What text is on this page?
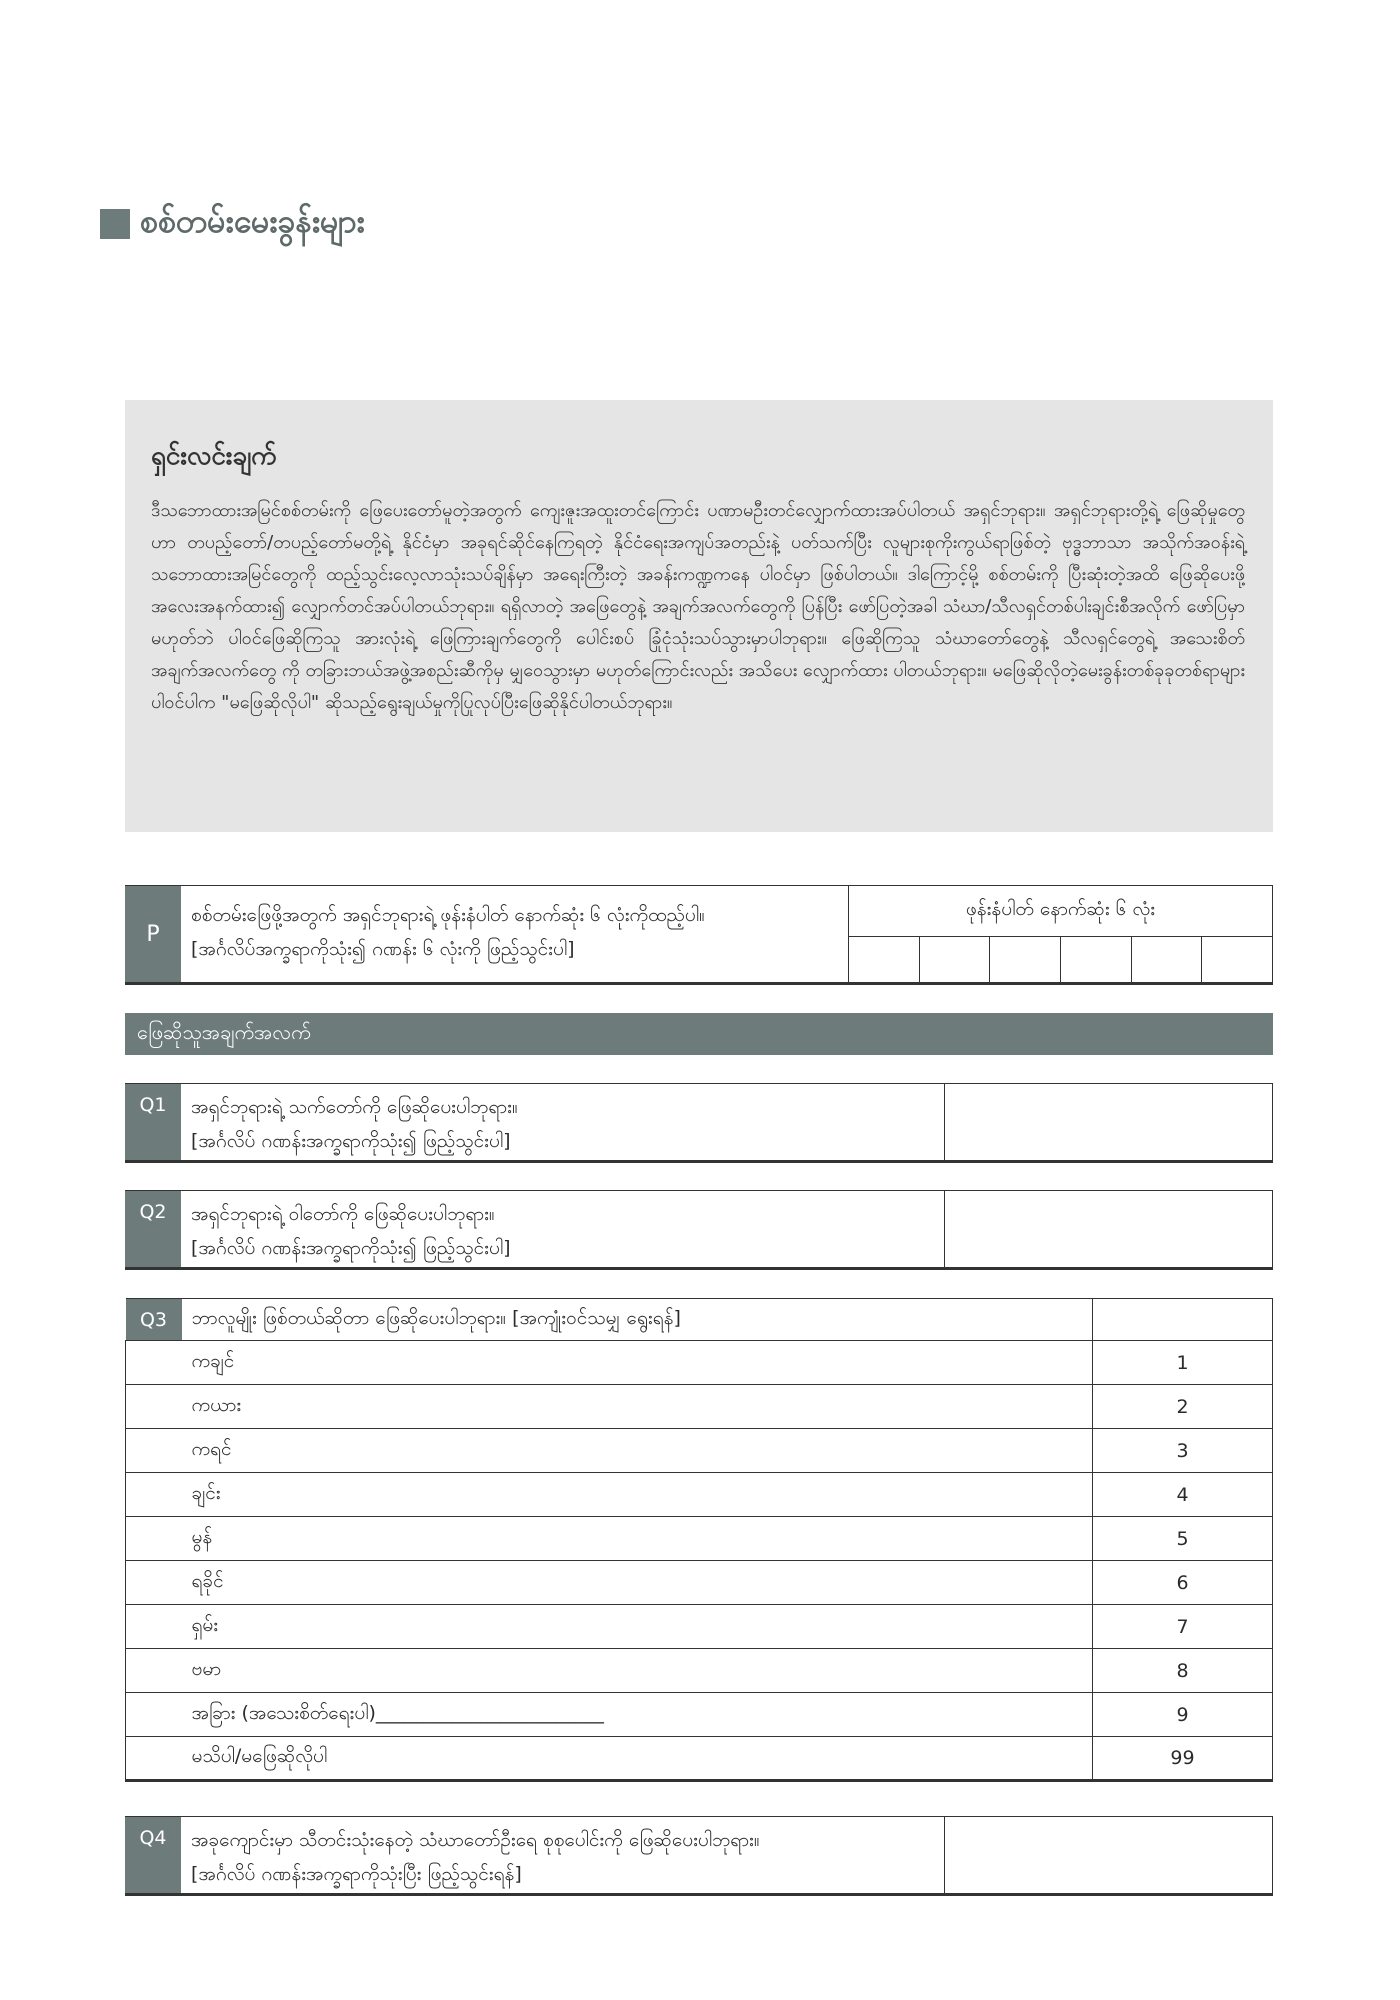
စစ်တမ်းမေးခွန်းများ
ရှင်းလင်းချက်
ဒီသဘောထားအမြင်စစ်တမ်းကို ဖြေပေးတော်မူတဲ့အတွက် ကျေးဇူးအထူးတင်ကြောင်း ပဏာမဦးတင်လျှောက်ထားအပ်ပါတယ် အရှင်ဘုရား။ အရှင်ဘုရားတို့ရဲ့ ဖြေဆိုမှုတွေဟာ တပည့်တော်/တပည့်တော်မတို့ရဲ့ နိုင်ငံမှာ အခုရင်ဆိုင်နေကြရတဲ့ နိုင်ငံရေးအကျပ်အတည်းနဲ့ ပတ်သက်ပြီး လူများစုကိုးကွယ်ရာဖြစ်တဲ့ ဗုဒ္ဓဘာသာ အသိုက်အဝန်းရဲ့ သဘောထားအမြင်တွေကို ထည့်သွင်းလေ့လာသုံးသပ်ချိန်မှာ အရေးကြီးတဲ့ အခန်းကဏ္ဍကနေ ပါဝင်မှာ ဖြစ်ပါတယ်။ ဒါကြောင့်မို့ စစ်တမ်းကို ပြီးဆုံးတဲ့အထိ ဖြေဆိုပေးဖို့ အလေးအနက်ထား၍ လျှောက်တင်အပ်ပါတယ်ဘုရား။ ရရှိလာတဲ့ အဖြေတွေနဲ့ အချက်အလက်တွေကို ပြန်ပြီး ဖော်ပြတဲ့အခါ သံဃာ/သီလရှင်တစ်ပါးချင်းစီအလိုက် ဖော်ပြမှာမဟုတ်ဘဲ ပါဝင်ဖြေဆိုကြသူ အားလုံးရဲ့ ဖြေကြားချက်တွေကို ပေါင်းစပ် ခြုံငုံသုံးသပ်သွားမှာပါဘုရား။ ဖြေဆိုကြသူ သံဃာတော်တွေနဲ့ သီလရှင်တွေရဲ့ အသေးစိတ် အချက်အလက်တွေ ကို တခြားဘယ်အဖွဲ့အစည်းဆီကိုမှ မျှဝေသွားမှာ မဟုတ်ကြောင်းလည်း အသိပေး လျှောက်ထား ပါတယ်ဘုရား။ မဖြေဆိုလိုတဲ့မေးခွန်းတစ်ခုခုတစ်ရာများပါဝင်ပါက "မဖြေဆိုလိုပါ" ဆိုသည့်ရွေးချယ်မှုကိုပြုလုပ်ပြီးဖြေဆိုနိုင်ပါတယ်ဘုရား။
P
စစ်တမ်းဖြေဖို့အတွက် အရှင်ဘုရားရဲ့ ဖုန်းနံပါတ် နောက်ဆုံး ၆ လုံးကိုထည့်ပါ။
[အင်္ဂလိပ်အက္ခရာကိုသုံး၍ ဂဏန်း ၆ လုံးကို ဖြည့်သွင်းပါ]
ဖုန်းနံပါတ် နောက်ဆုံး ၆ လုံး
ဖြေဆိုသူအချက်အလက်
Q1	အရှင်ဘုရားရဲ့ သက်တော်ကို ဖြေဆိုပေးပါဘုရား။
[အင်္ဂလိပ် ဂဏန်းအက္ခရာကိုသုံး၍ ဖြည့်သွင်းပါ]
Q2	အရှင်ဘုရားရဲ့ ဝါတော်ကို ဖြေဆိုပေးပါဘုရား။
[အင်္ဂလိပ် ဂဏန်းအက္ခရာကိုသုံး၍ ဖြည့်သွင်းပါ]
Q3	ဘာလူမျိုး ဖြစ်တယ်ဆိုတာ ဖြေဆိုပေးပါဘုရား။ [အကျုံးဝင်သမျှ ရွေးရန်]	
	ကချင်	1
	ကယား	2
	ကရင်	3
	ချင်း	4
	မွန်	5
	ရခိုင်	6
	ရှမ်း	7
	ဗမာ	8
	အခြား (အသေးစိတ်ရေးပါ)________________________	9
	မသိပါ/မဖြေဆိုလိုပါ	99
Q4	အခုကျောင်းမှာ သီတင်းသုံးနေတဲ့ သံဃာတော်ဦးရေ စုစုပေါင်းကို ဖြေဆိုပေးပါဘုရား။
[အင်္ဂလိပ် ဂဏန်းအက္ခရာကိုသုံးပြီး ဖြည့်သွင်းရန်]
